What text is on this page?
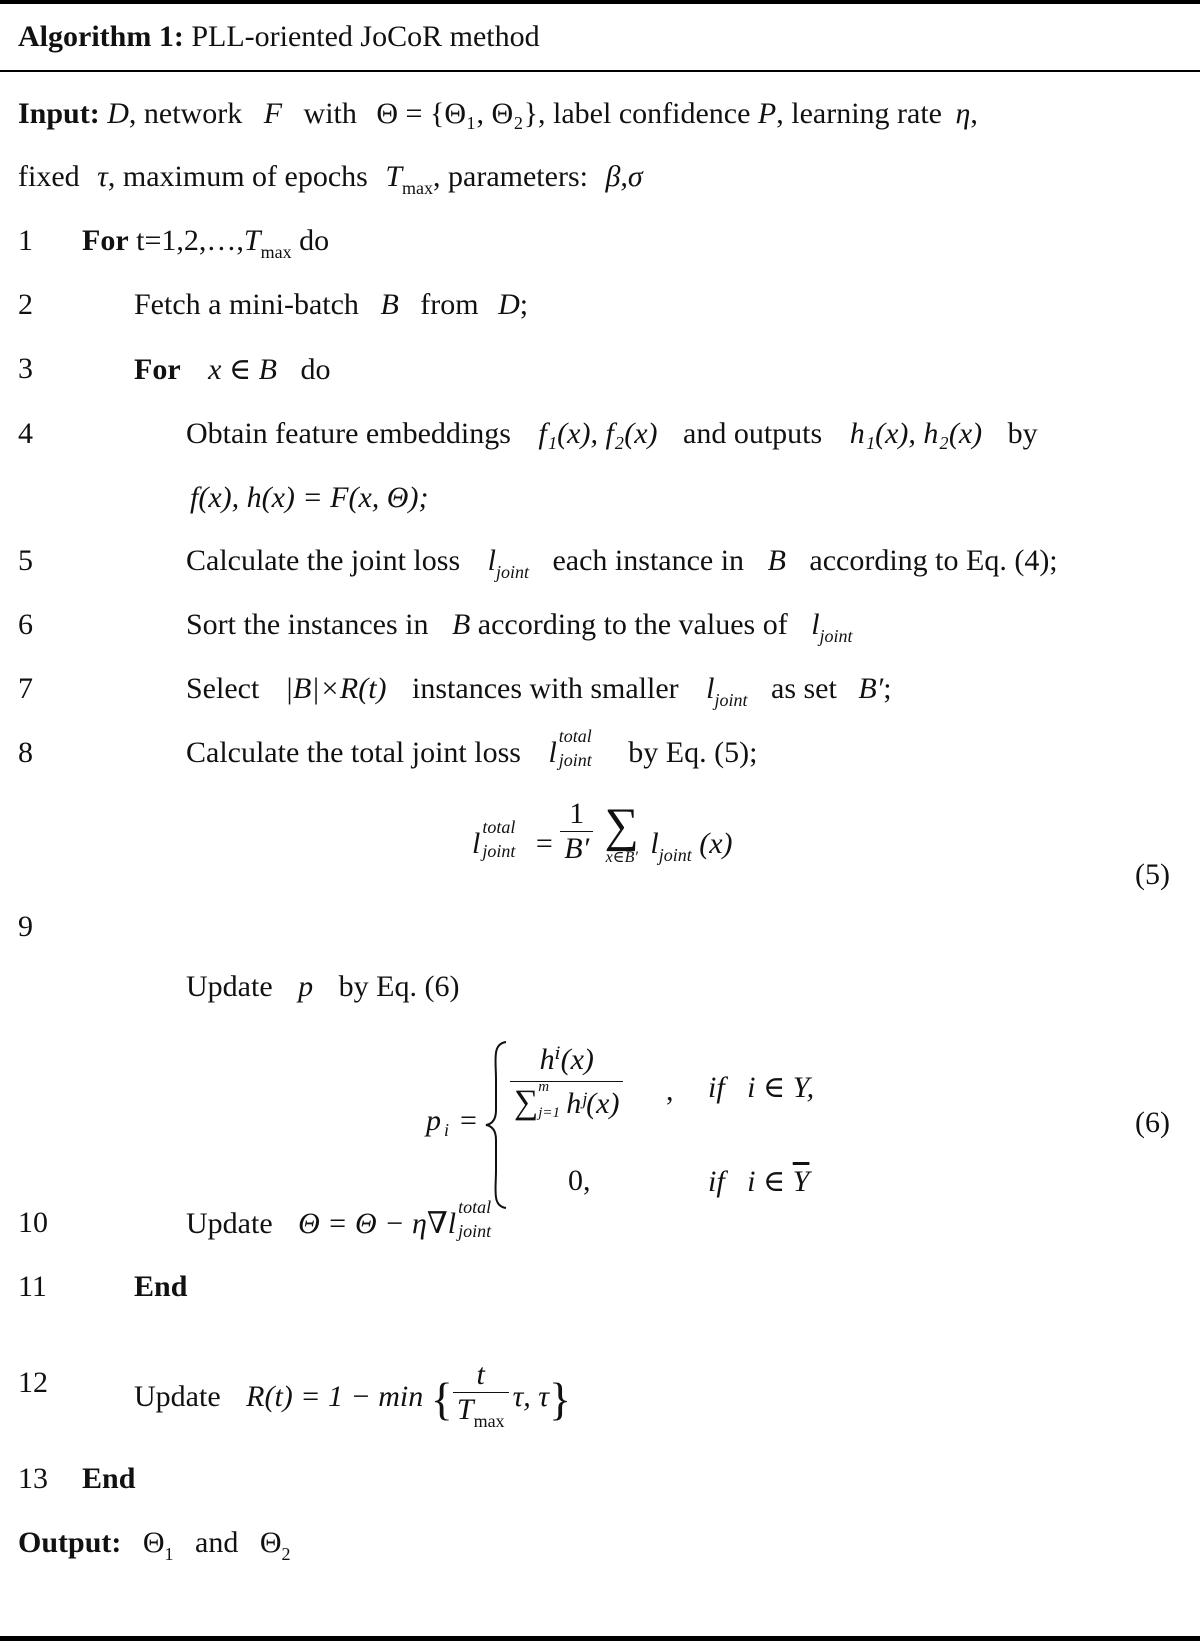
Algorithm 1: PLL-oriented JoCoR method
Input: D, network F with Θ = {Θ₁, Θ₂}, label confidence P, learning rate η,
fixed τ, maximum of epochs $T_{max}$, parameters: β,σ
1
2
3
4
5
6
7
8
9
10
11
12
13
For $t=1,2,\dots,T_{max}$ do
Fetch a mini-batch B from D;
For x ∈ B do
Obtain feature embeddings f₁(x), f₂(x) and outputs h₁(x), h₂(x) by
f(x), h(x) = F(x, Θ);
Calculate the joint loss $l_{joint}$ each instance in B according to Eq. (4);
Sort the instances in B according to the values of $l_{joint}$
Select |B|×R(t) instances with smaller $l_{joint}$ as set B′;
Calculate the total joint loss l total
joint by Eq. (5);
l total
joint = $\frac{1}{B'}$
∑
x∈B′ $l_{joint}$ (x)
(5)
Update p by Eq. (6)
p i = hⁱ(x)
∑ m
j=1 hʲ(x) , if   i ∈ Y,
0,	if   i ∈ $\overline{Y}$
(6)
Update Θ = Θ − η∇l total
joint
End
Update R(t) = 1 − min { $\frac{t}{T_{max}} \tau$, τ}
End
Output: $\Theta_1$ and $\Theta_2$
